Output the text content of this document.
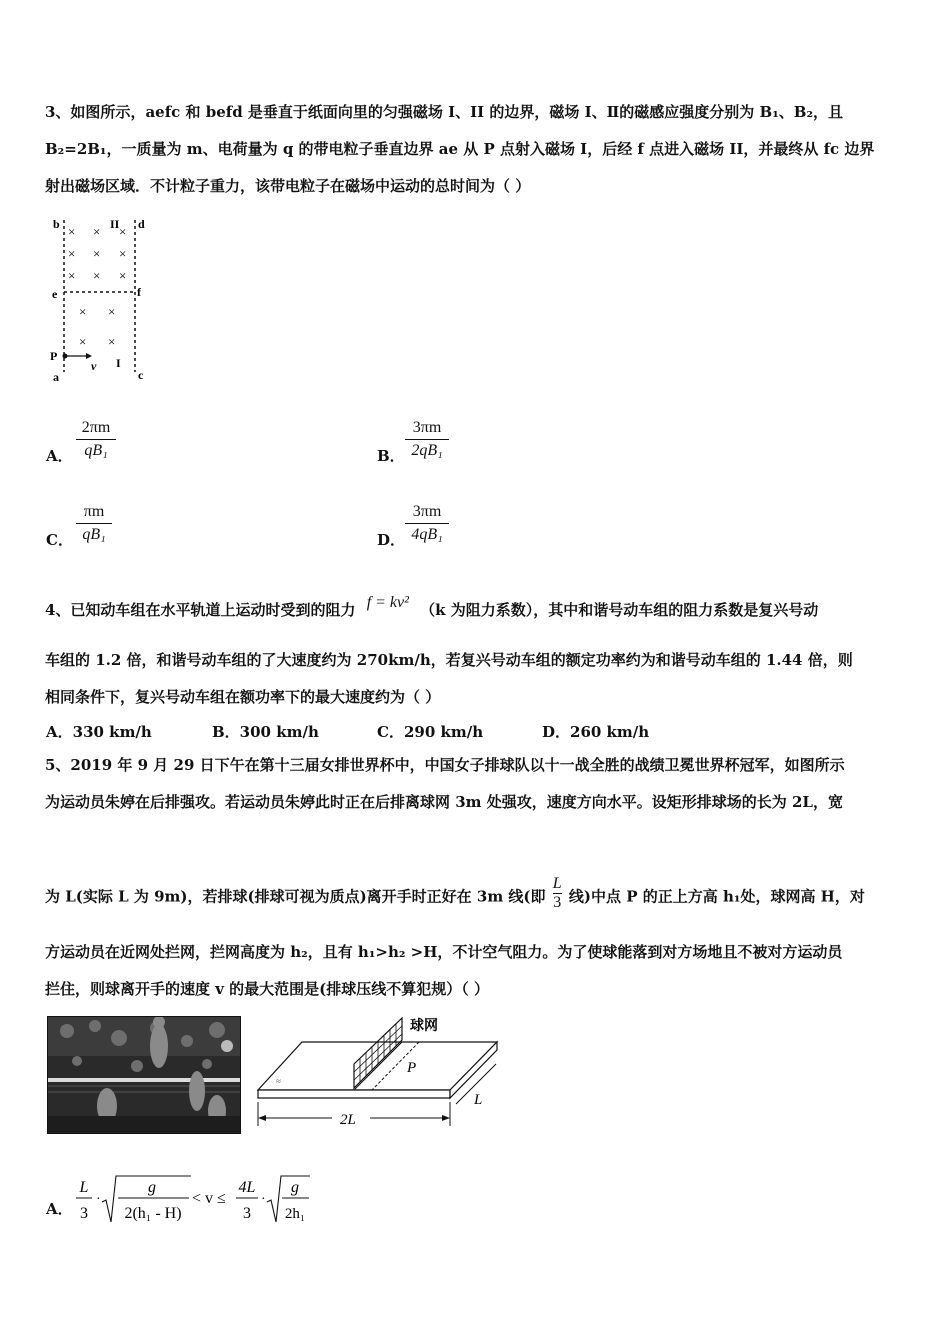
3、如图所示，aefc 和 befd 是垂直于纸面向里的匀强磁场 I、II 的边界，磁场 I、Ⅱ的磁感应强度分别为 B₁、B₂，且
B₂=2B₁，一质量为 m、电荷量为 q 的带电粒子垂直边界 ae 从 P 点射入磁场 I，后经 f 点进入磁场 II，并最终从 fc 边界
射出磁场区域．不计粒子重力，该带电粒子在磁场中运动的总时间为（ ）
b	II d
e	f
P
v I
a	c
× × ×
× × ×
× × ×
× ×
× ×
A．
2πm
qB₁	B．
3πm
2qB₁
C．
πm
qB₁	D．
3πm
4qB₁
4、已知动车组在水平轨道上运动时受到的阻力 f = kv² （k 为阻力系数），其中和谐号动车组的阻力系数是复兴号动
车组的 1.2 倍，和谐号动车组的了大速度约为 270km/h，若复兴号动车组的额定功率约为和谐号动车组的 1.44 倍，则
相同条件下，复兴号动车组在额功率下的最大速度约为（ ）
A．330 km/h	B．300 km/h	C．290 km/h	D．260 km/h
5、2019 年 9 月 29 日下午在第十三届女排世界杯中，中国女子排球队以十一战全胜的战绩卫冕世界杯冠军，如图所示
为运动员朱婷在后排强攻。若运动员朱婷此时正在后排离球网 3m 处强攻，速度方向水平。设矩形排球场的长为 2L，宽
为 L(实际 L 为 9m)，若排球(排球可视为质点)离开手时正好在 3m 线(即 $\frac{L}{3}$ 线)中点 P 的正上方高 h₁处，球网高 H，对
方运动员在近网处拦网，拦网高度为 h₂，且有 h₁>h₂ >H，不计空气阻力。为了使球能落到对方场地且不被对方运动员
拦住，则球离开手的速度 v 的最大范围是(排球压线不算犯规）（ ）
≈
球网
P
L
2L
A．
L
3
·
g
2(h₁ - H)
< v ≤
4L
3
·
g
2h₁
